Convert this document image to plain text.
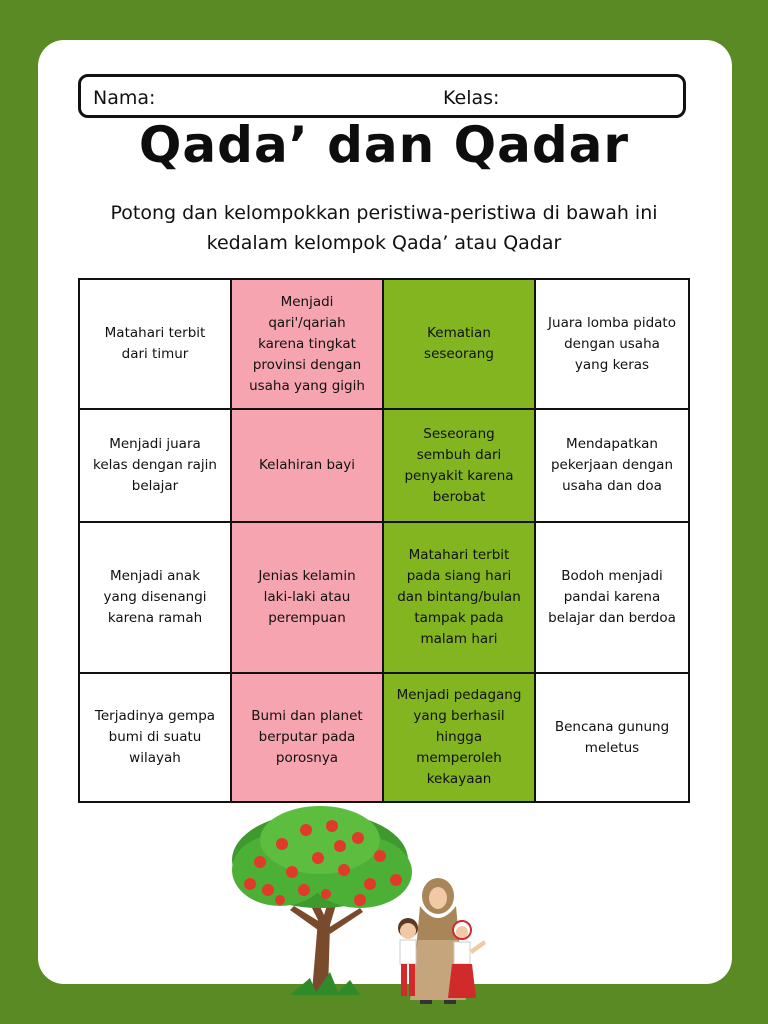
Nama:	Kelas:
Qada’ dan Qadar
Potong dan kelompokkan peristiwa-peristiwa di bawah ini
kedalam kelompok Qada’ atau Qadar
Matahari terbit dari timur	Menjadi qari'/qariah karena tingkat provinsi dengan usaha yang gigih	Kematian seseorang	Juara lomba pidato dengan usaha yang keras
Menjadi juara kelas dengan rajin belajar	Kelahiran bayi	Seseorang sembuh dari penyakit karena berobat	Mendapatkan pekerjaan dengan usaha dan doa
Menjadi anak yang disenangi karena ramah	Jenias kelamin laki-laki atau perempuan	Matahari terbit pada siang hari dan bintang/bulan tampak pada malam hari	Bodoh menjadi pandai karena belajar dan berdoa
Terjadinya gempa bumi di suatu wilayah	Bumi dan planet berputar pada porosnya	Menjadi pedagang yang berhasil hingga memperoleh kekayaan	Bencana gunung meletus
